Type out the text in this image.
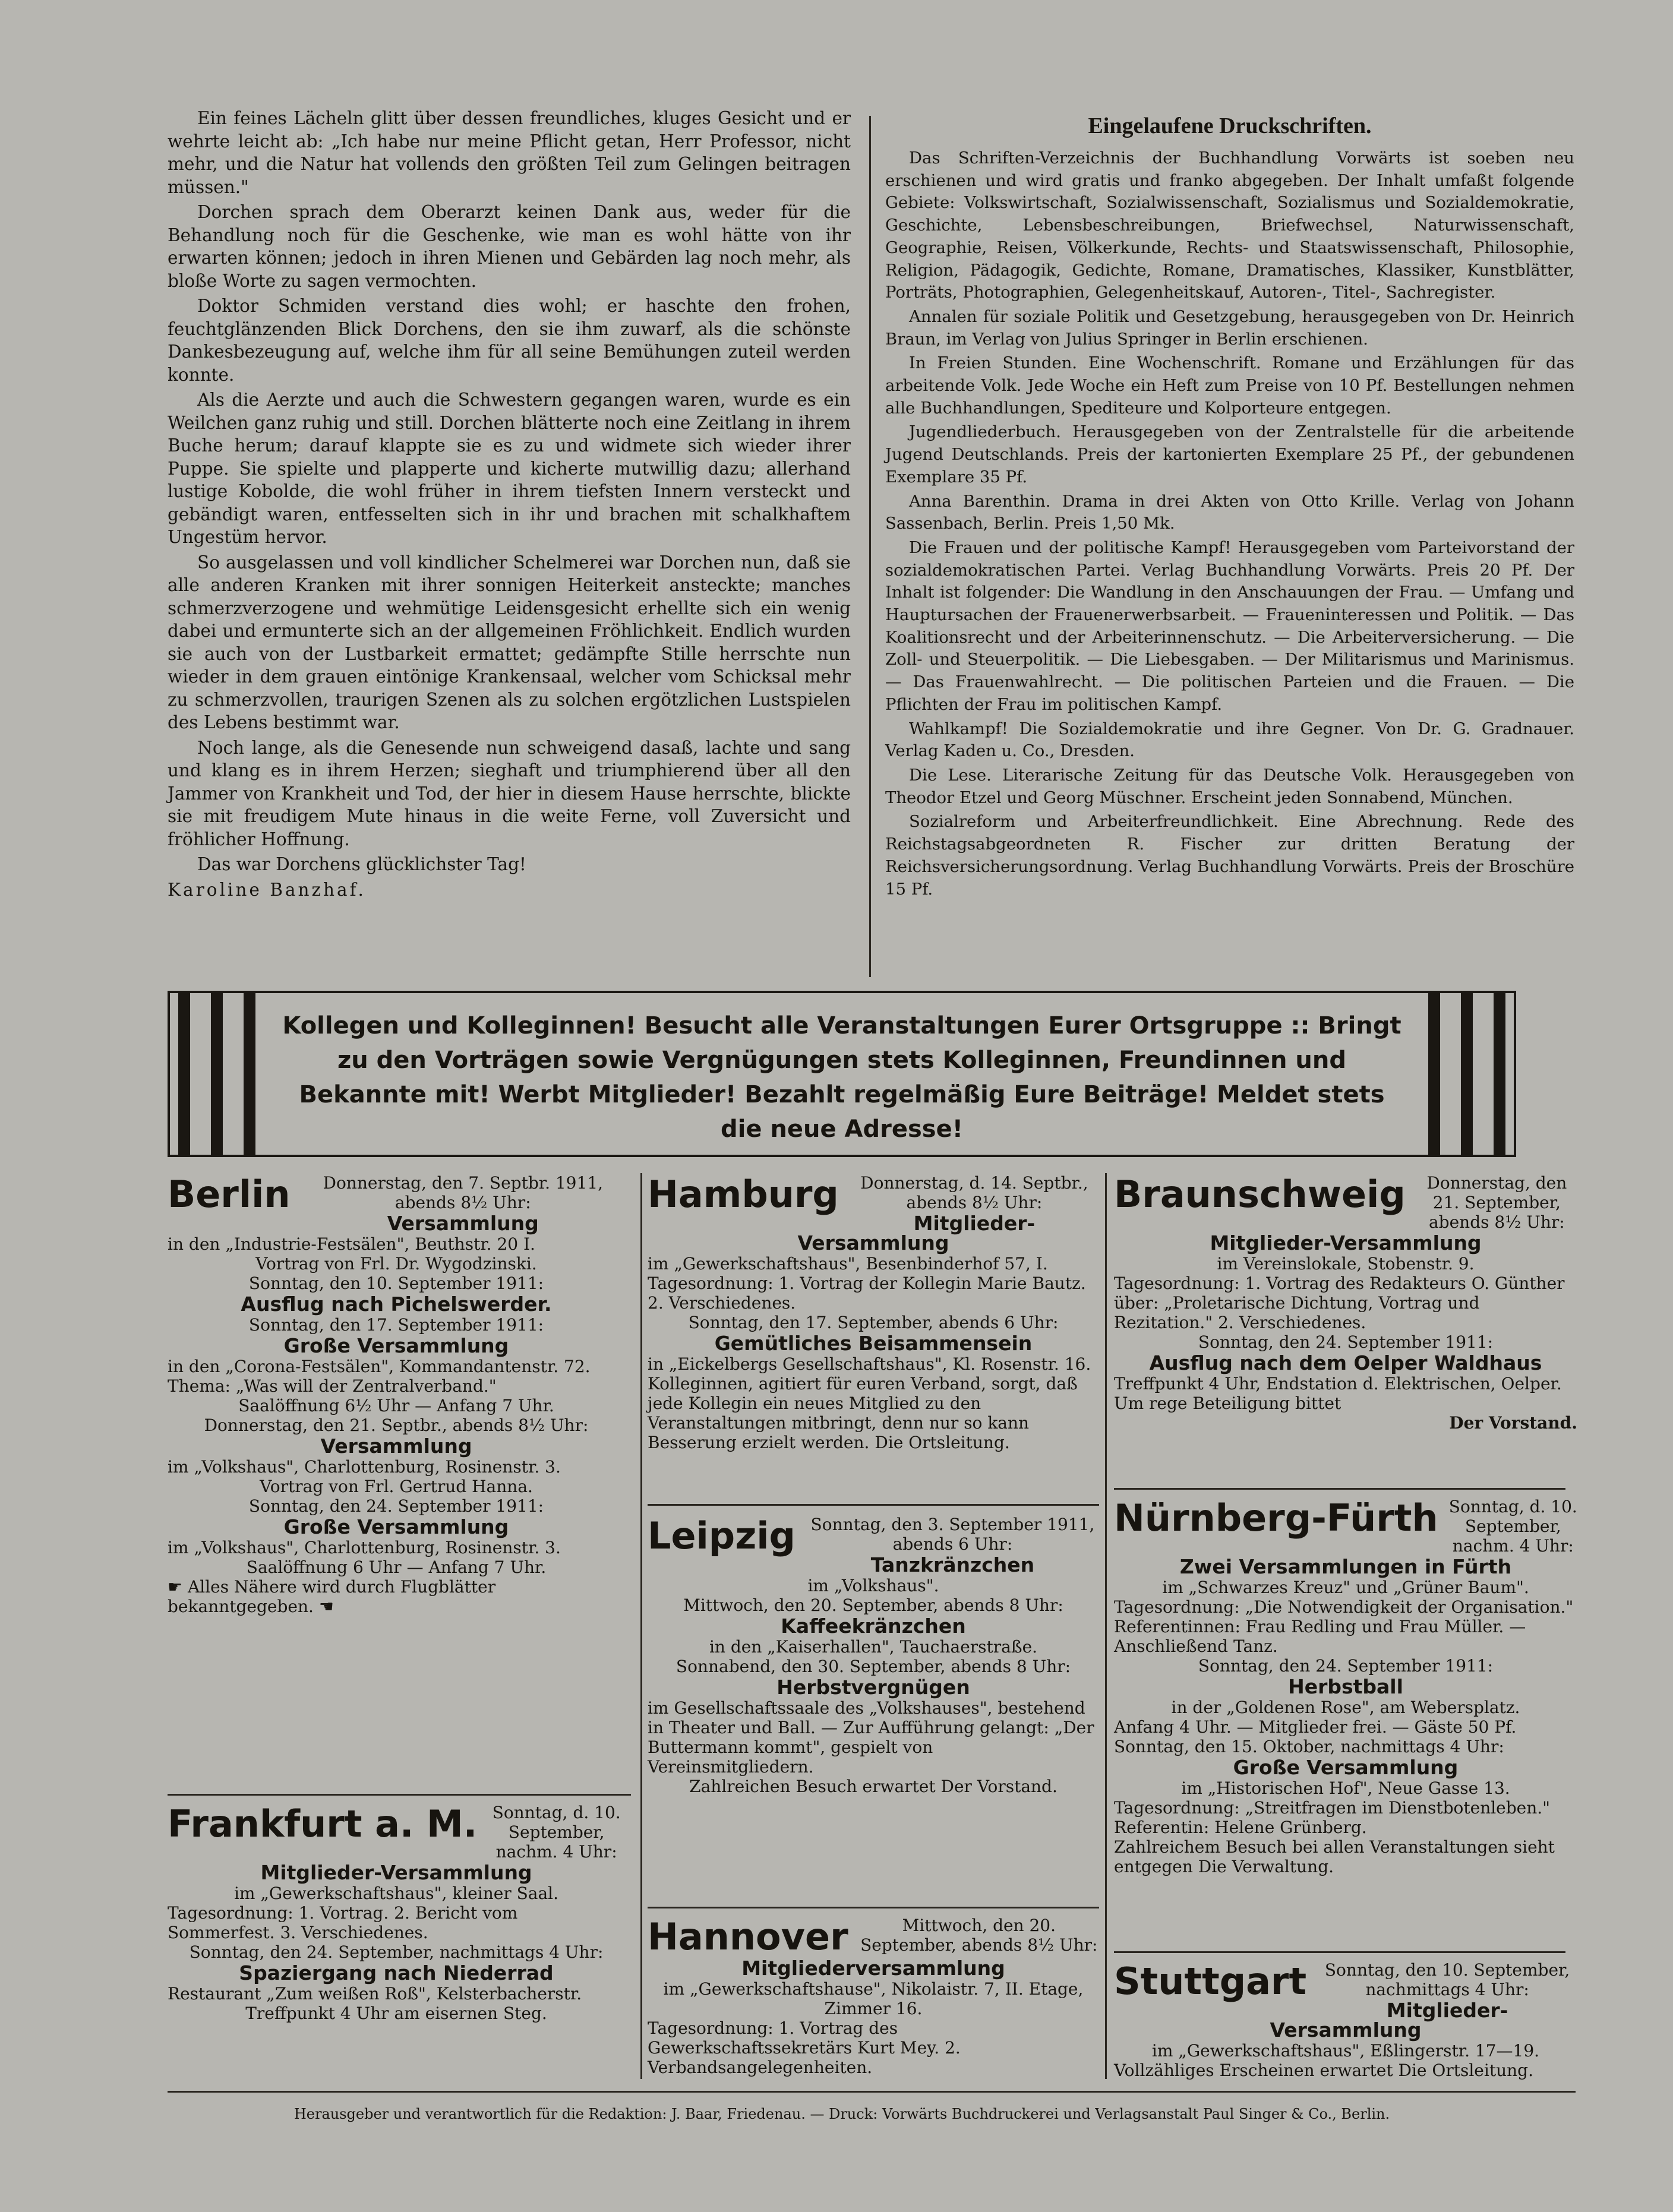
Ein feines Lächeln glitt über dessen freundliches, kluges Gesicht und er wehrte leicht ab: „Ich habe nur meine Pflicht getan, Herr Professor, nicht mehr, und die Natur hat vollends den größten Teil zum Gelingen beitragen müssen."

Dorchen sprach dem Oberarzt keinen Dank aus, weder für die Behandlung noch für die Geschenke, wie man es wohl hätte von ihr erwarten können; jedoch in ihren Mienen und Gebärden lag noch mehr, als bloße Worte zu sagen vermochten.

Doktor Schmiden verstand dies wohl; er haschte den frohen, feuchtglänzenden Blick Dorchens, den sie ihm zuwarf, als die schönste Dankesbezeugung auf, welche ihm für all seine Bemühungen zuteil werden konnte.

Als die Aerzte und auch die Schwestern gegangen waren, wurde es ein Weilchen ganz ruhig und still. Dorchen blätterte noch eine Zeitlang in ihrem Buche herum; darauf klappte sie es zu und widmete sich wieder ihrer Puppe. Sie spielte und plapperte und kicherte mutwillig dazu; allerhand lustige Kobolde, die wohl früher in ihrem tiefsten Innern versteckt und gebändigt waren, entfesselten sich in ihr und brachen mit schalkhaftem Ungestüm hervor.

So ausgelassen und voll kindlicher Schelmerei war Dorchen nun, daß sie alle anderen Kranken mit ihrer sonnigen Heiterkeit ansteckte; manches schmerzverzogene und wehmütige Leidensgesicht erhellte sich ein wenig dabei und ermunterte sich an der allgemeinen Fröhlichkeit. Endlich wurden sie auch von der Lustbarkeit ermattet; gedämpfte Stille herrschte nun wieder in dem grauen eintönige Krankensaal, welcher vom Schicksal mehr zu schmerzvollen, traurigen Szenen als zu solchen ergötzlichen Lustspielen des Lebens bestimmt war.

Noch lange, als die Genesende nun schweigend dasaß, lachte und sang und klang es in ihrem Herzen; sieghaft und triumphierend über all den Jammer von Krankheit und Tod, der hier in diesem Hause herrschte, blickte sie mit freudigem Mute hinaus in die weite Ferne, voll Zuversicht und fröhlicher Hoffnung.

Das war Dorchens glücklichster Tag!

Karoline Banzhaf.

Eingelaufene Druckschriften.

Das Schriften-Verzeichnis der Buchhandlung Vorwärts ist soeben neu erschienen und wird gratis und franko abgegeben. Der Inhalt umfaßt folgende Gebiete: Volkswirtschaft, Sozialwissenschaft, Sozialismus und Sozialdemokratie, Geschichte, Lebensbeschreibungen, Briefwechsel, Naturwissenschaft, Geographie, Reisen, Völkerkunde, Rechts- und Staatswissenschaft, Philosophie, Religion, Pädagogik, Gedichte, Romane, Dramatisches, Klassiker, Kunstblätter, Porträts, Photographien, Gelegenheitskauf, Autoren-, Titel-, Sachregister.

Annalen für soziale Politik und Gesetzgebung, herausgegeben von Dr. Heinrich Braun, im Verlag von Julius Springer in Berlin erschienen.

In Freien Stunden. Eine Wochenschrift. Romane und Erzählungen für das arbeitende Volk. Jede Woche ein Heft zum Preise von 10 Pf. Bestellungen nehmen alle Buchhandlungen, Spediteure und Kolporteure entgegen.

Jugendliederbuch. Herausgegeben von der Zentralstelle für die arbeitende Jugend Deutschlands. Preis der kartonierten Exemplare 25 Pf., der gebundenen Exemplare 35 Pf.

Anna Barenthin. Drama in drei Akten von Otto Krille. Verlag von Johann Sassenbach, Berlin. Preis 1,50 Mk.

Die Frauen und der politische Kampf! Herausgegeben vom Parteivorstand der sozialdemokratischen Partei. Verlag Buchhandlung Vorwärts. Preis 20 Pf. Der Inhalt ist folgender: Die Wandlung in den Anschauungen der Frau. — Umfang und Hauptursachen der Frauenerwerbsarbeit. — Fraueninteressen und Politik. — Das Koalitionsrecht und der Arbeiterinnenschutz. — Die Arbeiterversicherung. — Die Zoll- und Steuerpolitik. — Die Liebesgaben. — Der Militarismus und Marinismus. — Das Frauenwahlrecht. — Die politischen Parteien und die Frauen. — Die Pflichten der Frau im politischen Kampf.

Wahlkampf! Die Sozialdemokratie und ihre Gegner. Von Dr. G. Gradnauer. Verlag Kaden u. Co., Dresden.

Die Lese. Literarische Zeitung für das Deutsche Volk. Herausgegeben von Theodor Etzel und Georg Müschner. Erscheint jeden Sonnabend, München.

Sozialreform und Arbeiterfreundlichkeit. Eine Abrechnung. Rede des Reichstagsabgeordneten R. Fischer zur dritten Beratung der Reichsversicherungsordnung. Verlag Buchhandlung Vorwärts. Preis der Broschüre 15 Pf.

Kollegen und Kolleginnen! Besucht alle Veranstaltungen Eurer Ortsgruppe :: Bringt zu den Vorträgen sowie Vergnügungen stets Kolleginnen, Freundinnen und Bekannte mit! Werbt Mitglieder! Bezahlt regelmäßig Eure Beiträge! Meldet stets die neue Adresse!
Berlin	Donnerstag, den 7. Septbr. 1911, abends 8½ Uhr:

Versammlung

in den „Industrie-Festsälen", Beuthstr. 20 I.

Vortrag von Frl. Dr. Wygodzinski.

Sonntag, den 10. September 1911:

Ausflug nach Pichelswerder.

Sonntag, den 17. September 1911:

Große Versammlung

in den „Corona-Festsälen", Kommandantenstr. 72.

Thema: „Was will der Zentralverband."

Saalöffnung 6½ Uhr — Anfang 7 Uhr.

Donnerstag, den 21. Septbr., abends 8½ Uhr:

Versammlung

im „Volkshaus", Charlottenburg, Rosinenstr. 3.

Vortrag von Frl. Gertrud Hanna.

Sonntag, den 24. September 1911:

Große Versammlung

im „Volkshaus", Charlottenburg, Rosinenstr. 3.

Saalöffnung 6 Uhr — Anfang 7 Uhr.

☛ Alles Nähere wird durch Flugblätter bekanntgegeben. ☚

Frankfurt a. M. Sonntag, d. 10. September, nachm. 4 Uhr:

Mitglieder-Versammlung

im „Gewerkschaftshaus", kleiner Saal.

Tagesordnung: 1. Vortrag. 2. Bericht vom Sommerfest. 3. Verschiedenes.

Sonntag, den 24. September, nachmittags 4 Uhr:

Spaziergang nach Niederrad

Restaurant „Zum weißen Roß", Kelsterbacherstr.

Treffpunkt 4 Uhr am eisernen Steg.

Hamburg	Donnerstag, d. 14. Septbr., abends 8½ Uhr:

Mitglieder-Versammlung

im „Gewerkschaftshaus", Besenbinderhof 57, I.

Tagesordnung: 1. Vortrag der Kollegin Marie Bautz. 2. Verschiedenes.

Sonntag, den 17. September, abends 6 Uhr:

Gemütliches Beisammensein

in „Eickelbergs Gesellschaftshaus", Kl. Rosenstr. 16.

Kolleginnen, agitiert für euren Verband, sorgt, daß jede Kollegin ein neues Mitglied zu den Veranstaltungen mitbringt, denn nur so kann Besserung erzielt werden. Die Ortsleitung.

Leipzig Sonntag, den 3. September 1911, abends 6 Uhr:

Tanzkränzchen

im „Volkshaus".

Mittwoch, den 20. September, abends 8 Uhr:

Kaffeekränzchen

in den „Kaiserhallen", Tauchaerstraße.

Sonnabend, den 30. September, abends 8 Uhr:

Herbstvergnügen

im Gesellschaftssaale des „Volkshauses", bestehend in Theater und Ball. — Zur Aufführung gelangt: „Der Buttermann kommt", gespielt von Vereinsmitgliedern.

Zahlreichen Besuch erwartet Der Vorstand.

Hannover	Mittwoch, den 20. September, abends 8½ Uhr:

Mitgliederversammlung

im „Gewerkschaftshause", Nikolaistr. 7, II. Etage, Zimmer 16.

Tagesordnung: 1. Vortrag des Gewerkschaftssekretärs Kurt Mey. 2. Verbandsangelegenheiten.

Braunschweig	Donnerstag, den 21. September, abends 8½ Uhr:

Mitglieder-Versammlung

im Vereinslokale, Stobenstr. 9.

Tagesordnung: 1. Vortrag des Redakteurs O. Günther über: „Proletarische Dichtung, Vortrag und Rezitation." 2. Verschiedenes.

Sonntag, den 24. September 1911:

Ausflug nach dem Oelper Waldhaus

Treffpunkt 4 Uhr, Endstation d. Elektrischen, Oelper.

Um rege Beteiligung bittet

Der Vorstand.

Nürnberg-Fürth Sonntag, d. 10. September, nachm. 4 Uhr:

Zwei Versammlungen in Fürth

im „Schwarzes Kreuz" und „Grüner Baum".

Tagesordnung: „Die Notwendigkeit der Organisation." Referentinnen: Frau Redling und Frau Müller. — Anschließend Tanz.

Sonntag, den 24. September 1911:

Herbstball

in der „Goldenen Rose", am Webersplatz.

Anfang 4 Uhr. — Mitglieder frei. — Gäste 50 Pf.

Sonntag, den 15. Oktober, nachmittags 4 Uhr:

Große Versammlung

im „Historischen Hof", Neue Gasse 13.

Tagesordnung: „Streitfragen im Dienstbotenleben." Referentin: Helene Grünberg.

Zahlreichem Besuch bei allen Veranstaltungen sieht entgegen Die Verwaltung.

Stuttgart	Sonntag, den 10. September, nachmittags 4 Uhr:

Mitglieder-Versammlung

im „Gewerkschaftshaus", Eßlingerstr. 17—19.

Vollzähliges Erscheinen erwartet Die Ortsleitung.

Herausgeber und verantwortlich für die Redaktion: J. Baar, Friedenau. — Druck: Vorwärts Buchdruckerei und Verlagsanstalt Paul Singer & Co., Berlin.
